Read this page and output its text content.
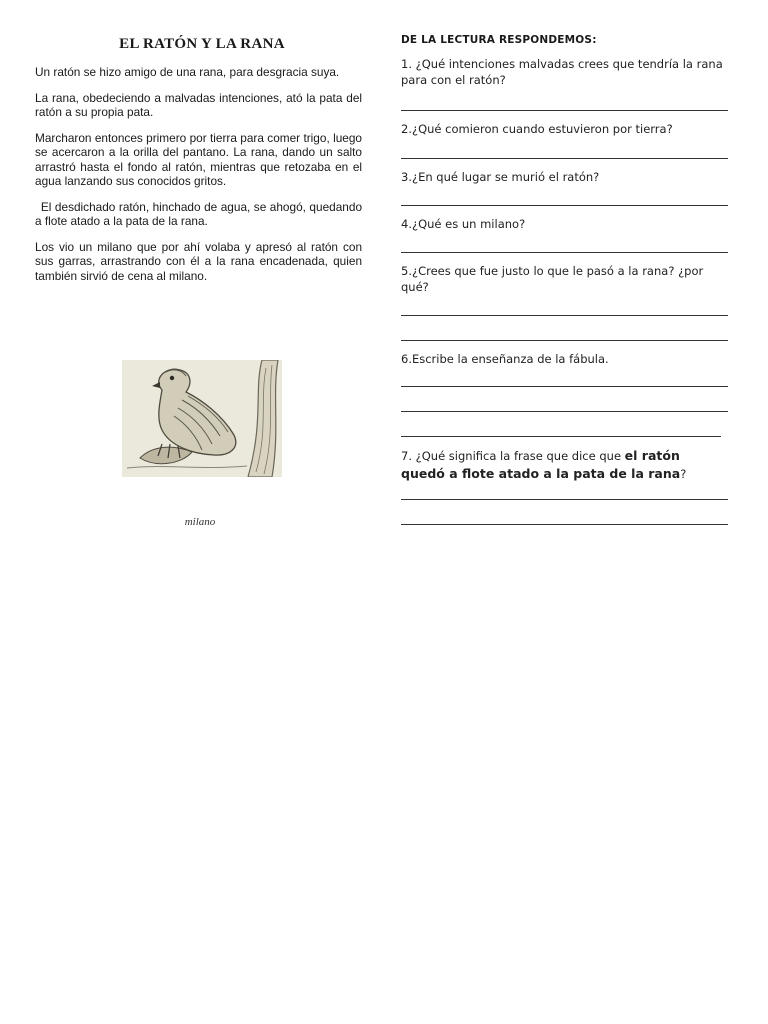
EL RATÓN Y LA RANA

Un ratón se hizo amigo de una rana, para desgracia suya.

La rana, obedeciendo a malvadas intenciones, ató la pata del ratón a su propia pata.

Marcharon entonces primero por tierra para comer trigo, luego se acercaron a la orilla del pantano. La rana, dando un salto arrastró hasta el fondo al ratón, mientras que retozaba en el agua lanzando sus conocidos gritos.

El desdichado ratón, hinchado de agua, se ahogó, quedando a flote atado a la pata de la rana.

Los vio un milano que por ahí volaba y apresó al ratón con sus garras, arrastrando con él a la rana encadenada, quien también sirvió de cena al milano.

milano
DE LA LECTURA RESPONDEMOS:

1. ¿Qué intenciones malvadas crees que tendría la rana para con el ratón?

2.¿Qué comieron cuando estuvieron por tierra?

3.¿En qué lugar se murió el ratón?

4.¿Qué es un milano?

5.¿Crees que fue justo lo que le pasó a la rana? ¿por qué?

6.Escribe la enseñanza de la fábula.

7. ¿Qué significa la frase que dice que el ratón quedó a flote atado a la pata de la rana?
